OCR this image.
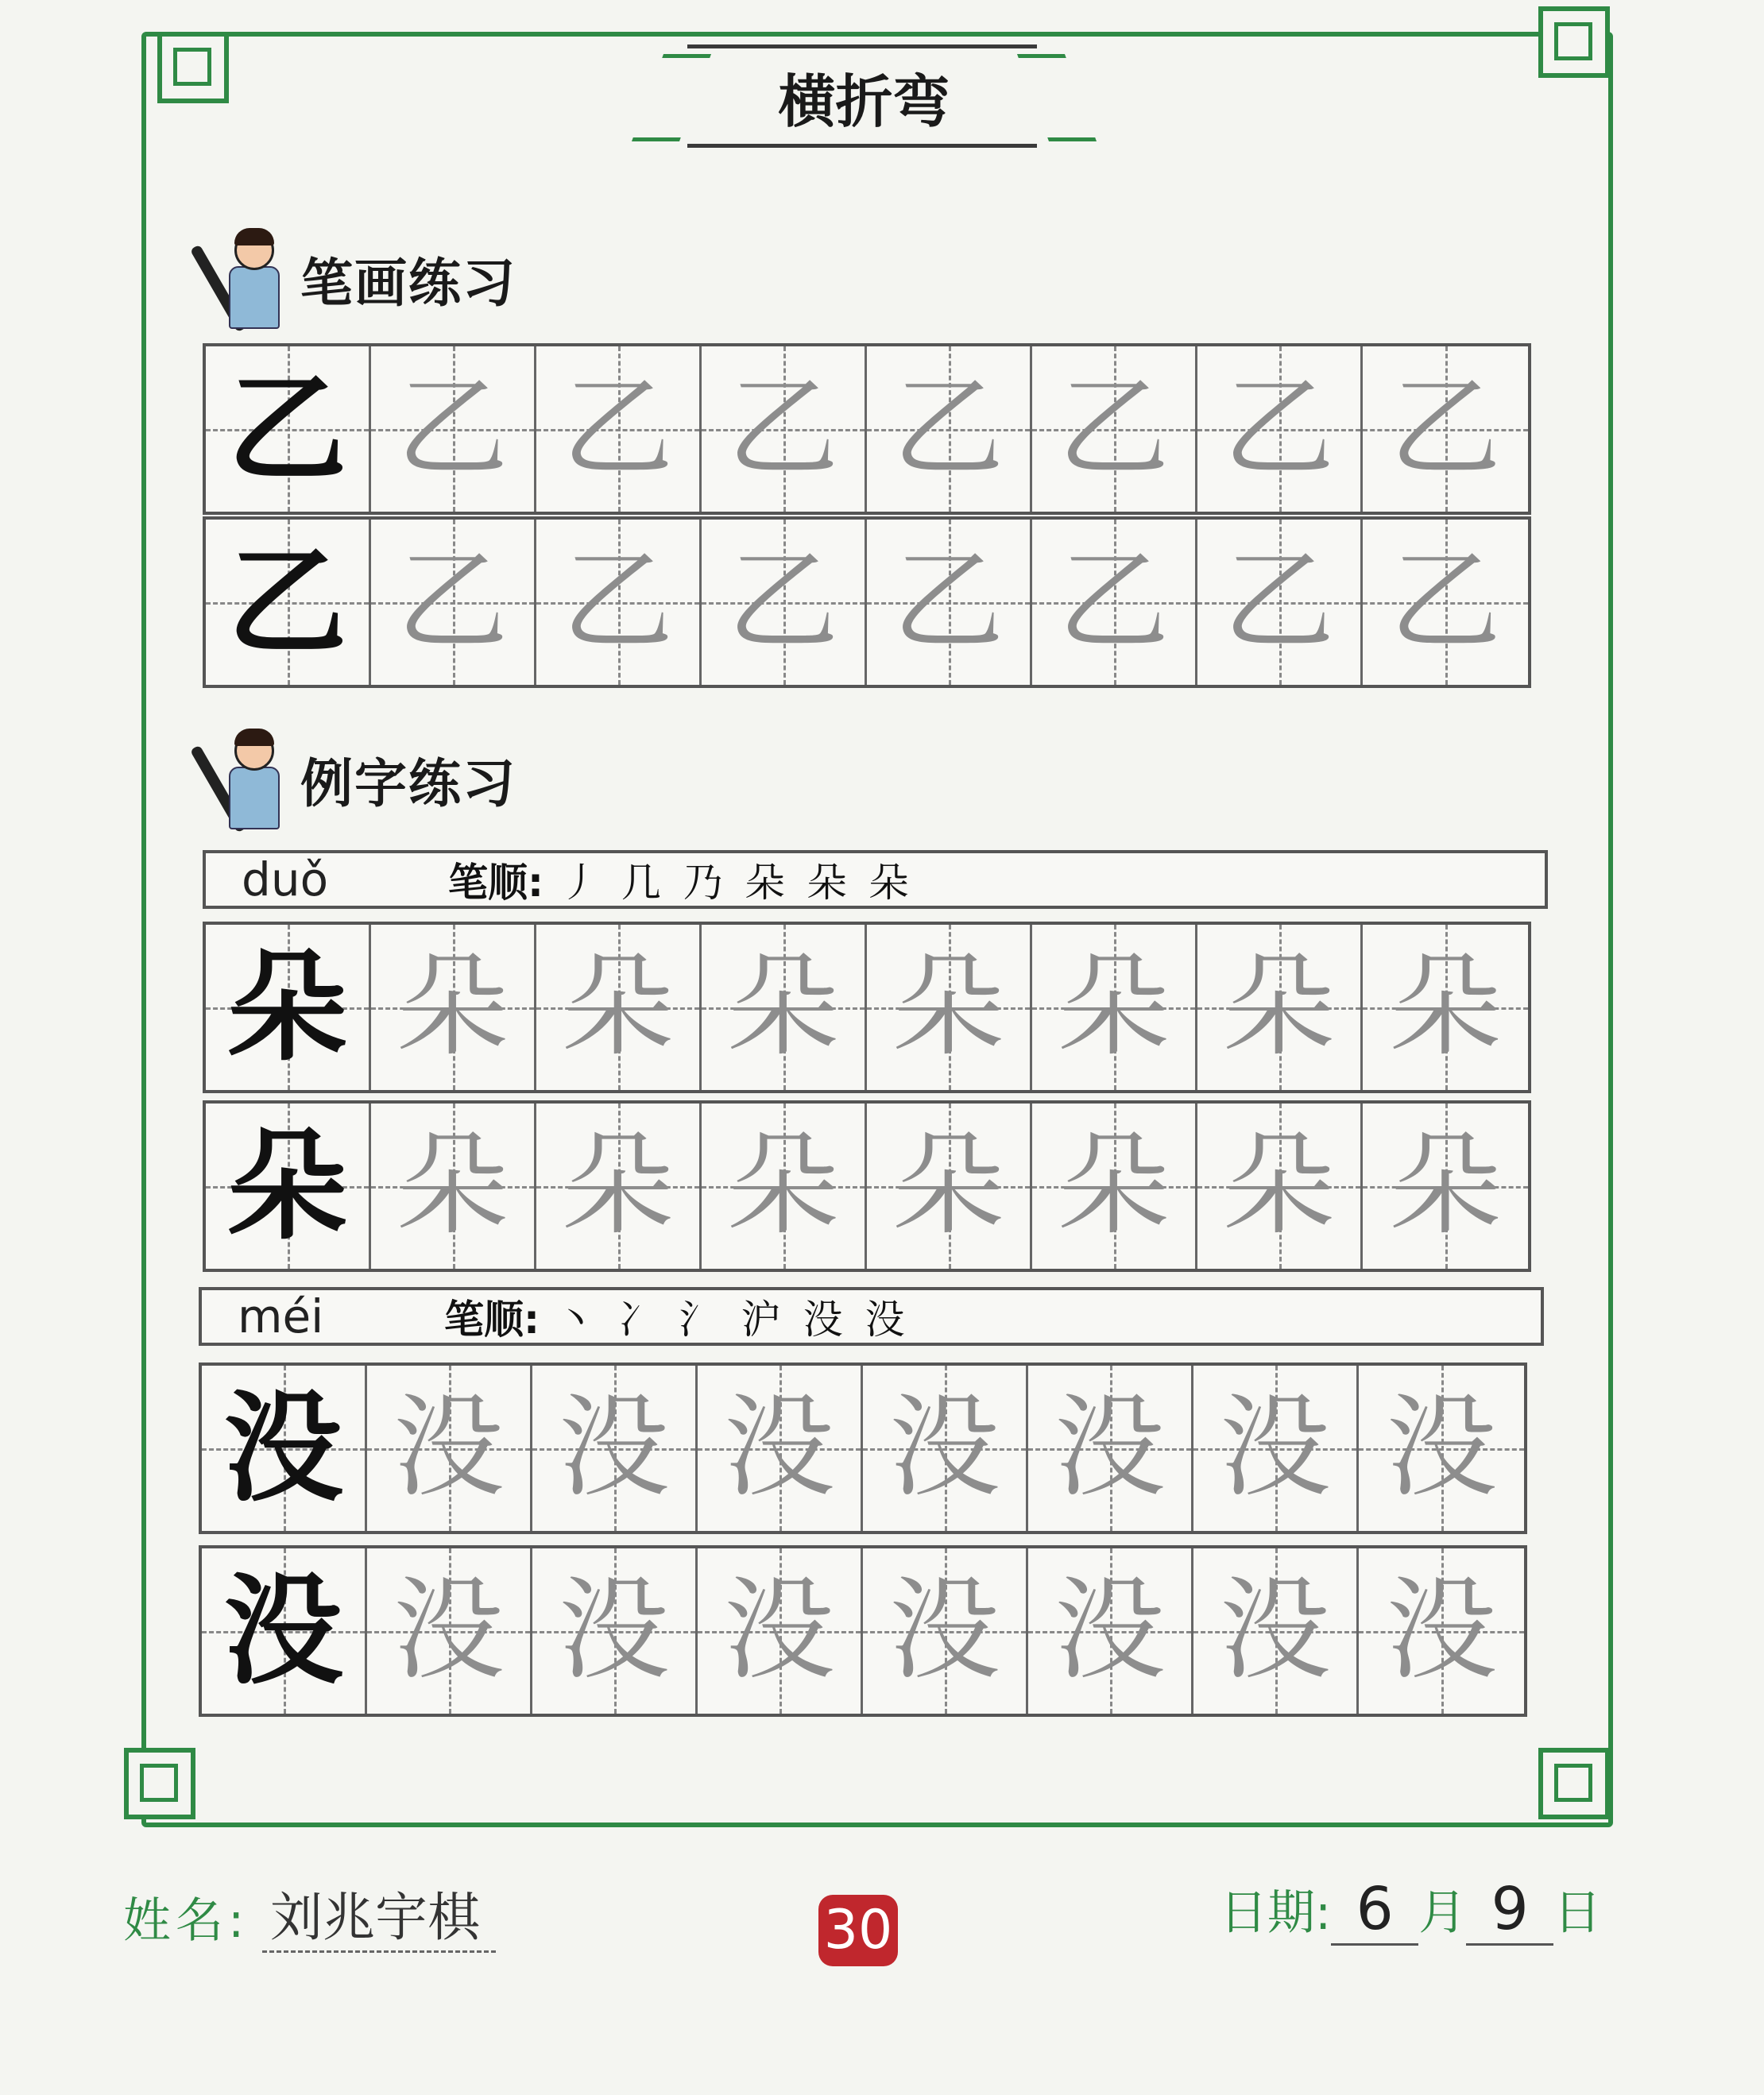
横折弯
笔画练习
乙 乙 乙 乙 乙 乙 乙 乙
乙 乙 乙 乙 乙 乙 乙 乙
例字练习
duǒ	笔顺: 丿 几 乃 朵 朵 朵
朵 朵 朵 朵 朵 朵 朵 朵
朵 朵 朵 朵 朵 朵 朵 朵
méi	笔顺: 丶 冫 氵 沪 没 没
没 没 没 没 没 没 没 没
没 没 没 没 没 没 没 没
姓名: 刘兆宇棋	30	日期: 6 月 9 日
